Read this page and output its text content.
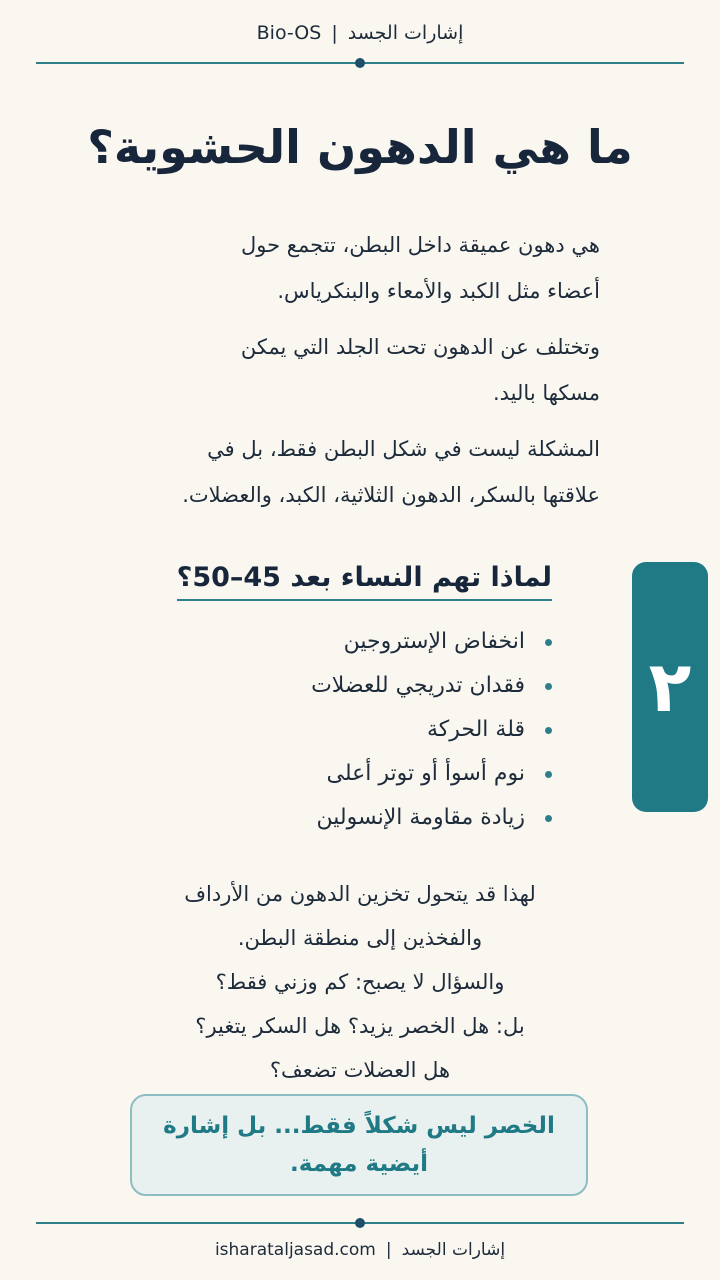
Bio-OS | إشارات الجسد
ما هي الدهون الحشوية؟
هي دهون عميقة داخل البطن، تتجمع حول
أعضاء مثل الكبد والأمعاء والبنكرياس.
وتختلف عن الدهون تحت الجلد التي يمكن
مسكها باليد.
المشكلة ليست في شكل البطن فقط، بل في
علاقتها بالسكر، الدهون الثلاثية، الكبد، والعضلات.
لماذا تهم النساء بعد 45–50؟
انخفاض الإستروجين
فقدان تدريجي للعضلات
قلة الحركة
نوم أسوأ أو توتر أعلى
زيادة مقاومة الإنسولين
٢
لهذا قد يتحول تخزين الدهون من الأرداف
والفخذين إلى منطقة البطن.
والسؤال لا يصبح: كم وزني فقط؟
بل: هل الخصر يزيد؟ هل السكر يتغير؟
هل العضلات تضعف؟
الخصر ليس شكلاً فقط... بل إشارة
أيضية مهمة.
isharataljasad.com | إشارات الجسد
